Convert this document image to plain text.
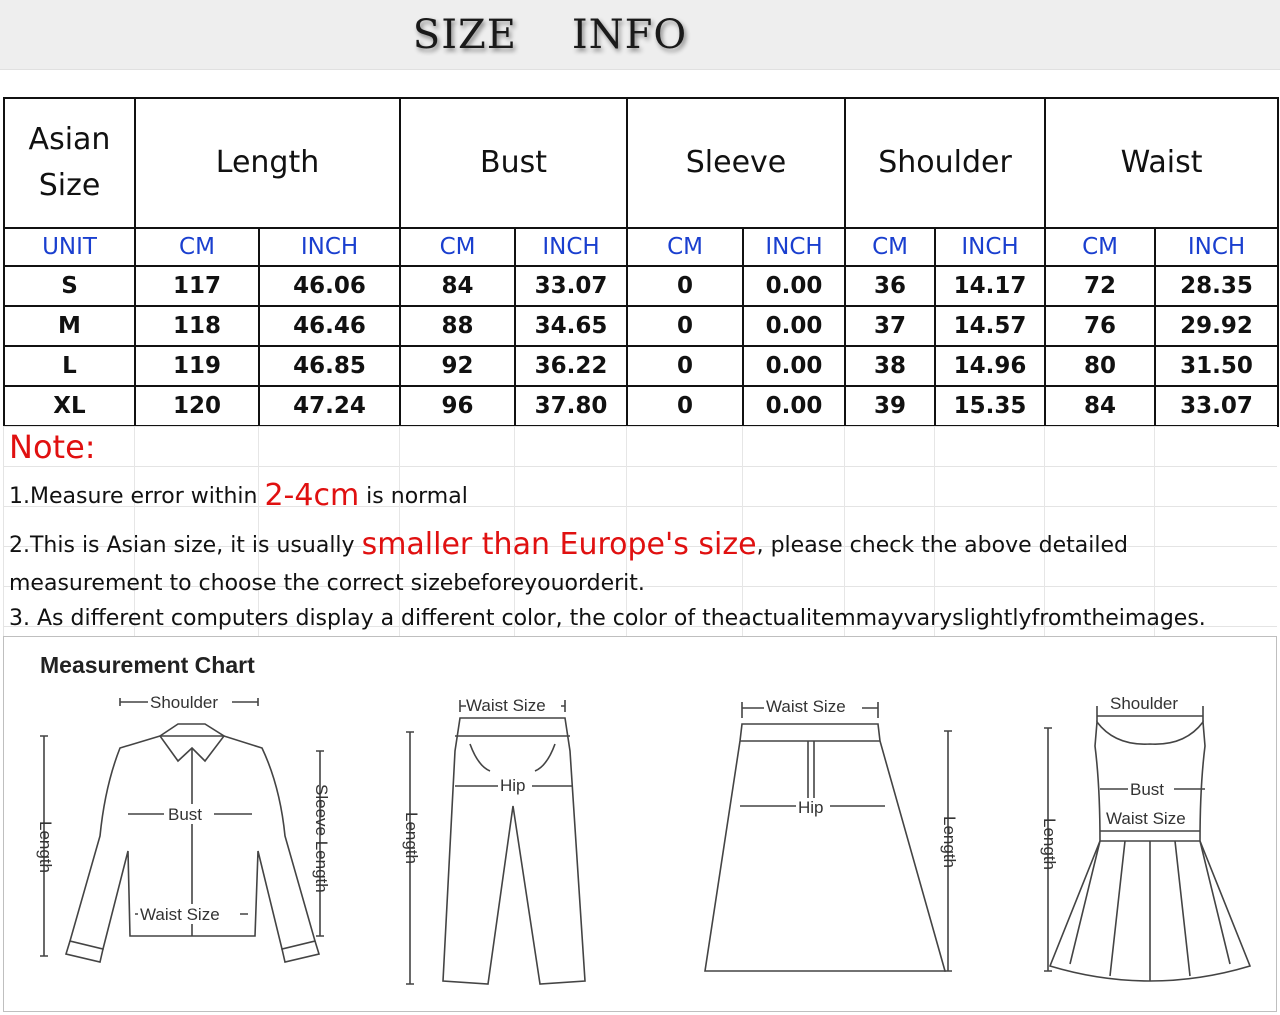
SIZE    INFO
Asian Size	Length		Bust		Sleeve		Shoulder		Waist	
UNIT	CM	INCH	CM	INCH	CM	INCH	CM	INCH	CM	INCH
S	117	46.06	84	33.07	0	0.00	36	14.17	72	28.35
M	118	46.46	88	34.65	0	0.00	37	14.57	76	29.92
L	119	46.85	92	36.22	0	0.00	38	14.96	80	31.50
XL	120	47.24	96	37.80	0	0.00	39	15.35	84	33.07
Note:
1.Measure error within 2-4cm is normal
2.This is Asian size, it is usually smaller than Europe's size, please check the above detailed
measurement to choose the correct sizebeforeyouorderit.
3. As different computers display a different color, the color of theactualitemmayvaryslightlyfromtheimages.
Measurement Chart
Shoulder
Bust
Waist Size
Length	Sleeve Length
Waist Size
Hip
Length
Waist Size
Hip
Length
Shoulder
Bust
Waist Size
Length
